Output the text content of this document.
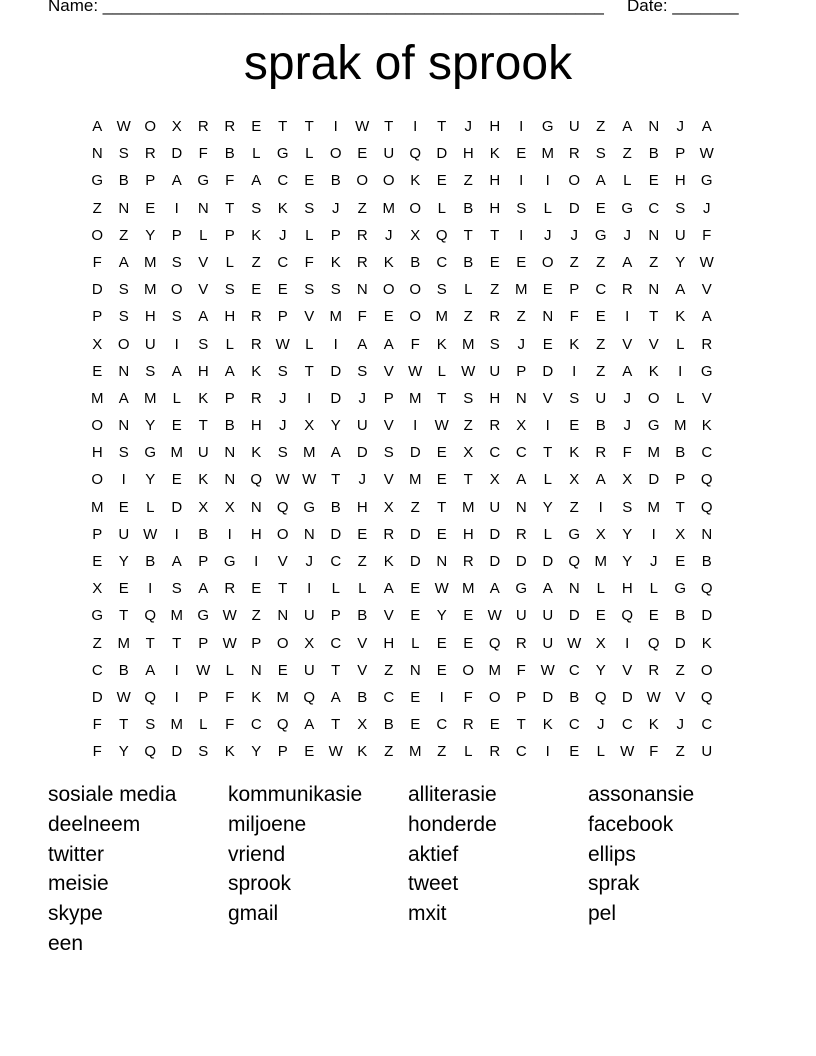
Name: _____________________________________________________ Date: _______
sprak of sprook
A W O	X	R	R	E	T	T	I	W T	I	T	J	H	I	G	U	Z	A	N	J	A
N	S	R	D	F	B	L	G	L	O	E	U	Q	D	H	K	E	M R	S	Z	B	P W
G	B	P	A	G	F	A	C	E	B	O O	K	E	Z	H	I	I	O	A	L	E	H	G
Z	N	E	I	N	T	S	K	S	J	Z	M O	L	B	H	S	L	D	E	G	C	S	J
O	Z	Y	P	L	P	K	J	L	P	R	J	X	Q	T	T	I	J	J	G	J	N	U	F
F	A	M	S	V	L	Z	C	F	K	R	K	B	C	B	E	E	O	Z	Z	A	Z	Y W
D	S	M O	V	S	E	E	S	S	N	O O	S	L	Z	M	E	P	C	R	N	A	V
P	S	H	S	A	H	R	P	V	M	F	E	O M	Z	R	Z	N	F	E	I	T	K	A
X	O	U	I	S	L	R W	L	I	A	A	F	K	M	S	J	E	K	Z	V	V	L	R
E	N	S	A	H	A	K	S	T	D	S	V W	L	W U	P	D	I	Z	A	K	I	G
M	A	M	L	K	P	R	J	I	D	J	P	M	T	S	H	N	V	S	U	J	O	L	V
O	N	Y	E	T	B	H	J	X	Y	U	V	I	W Z	R	X	I	E	B	J	G M	K
H	S	G M U	N	K	S	M	A	D	S	D	E	X	C	C	T	K	R	F	M	B	C
O	I	Y	E	K	N	Q W W T	J	V	M	E	T	X	A	L	X	A	X	D	P	Q
M	E	L	D	X	X	N	Q G	B	H	X	Z	T	M U	N	Y	Z	I	S	M	T	Q
P	U W	I	B	I	H	O	N	D	E	R	D	E	H	D	R	L	G	X	Y	I	X	N
E	Y	B	A	P	G	I	V	J	C	Z	K	D	N	R	D	D	D	Q M	Y	J	E	B
X	E	I	S	A	R	E	T	I	L	L	A	E W M	A	G	A	N	L	H	L	G Q
G	T	Q M G W Z	N	U	P	B	V	E	Y	E W U	U	D	E	Q	E	B	D
Z	M	T	T	P W P	O	X	C	V	H	L	E	E	Q	R	U W X	I	Q	D	K
C	B	A	I	W	L	N	E	U	T	V	Z	N	E	O M	F W C	Y	V	R	Z	O
D W Q	I	P	F	K	M Q	A	B	C	E	I	F	O	P	D	B	Q	D W V	Q
F	T	S	M	L	F	C	Q	A	T	X	B	E	C	R	E	T	K	C	J	C	K	J	C
F	Y	Q	D	S	K	Y	P	E W K	Z	M	Z	L	R	C	I	E	L	W F	Z	U
sosiale media	kommunikasie	alliterasie	assonansie
deelneem	miljoene	honderde	facebook
twitter	vriend	aktief	ellips
meisie	sprook	tweet	sprak
skype	gmail	mxit	pel
een
